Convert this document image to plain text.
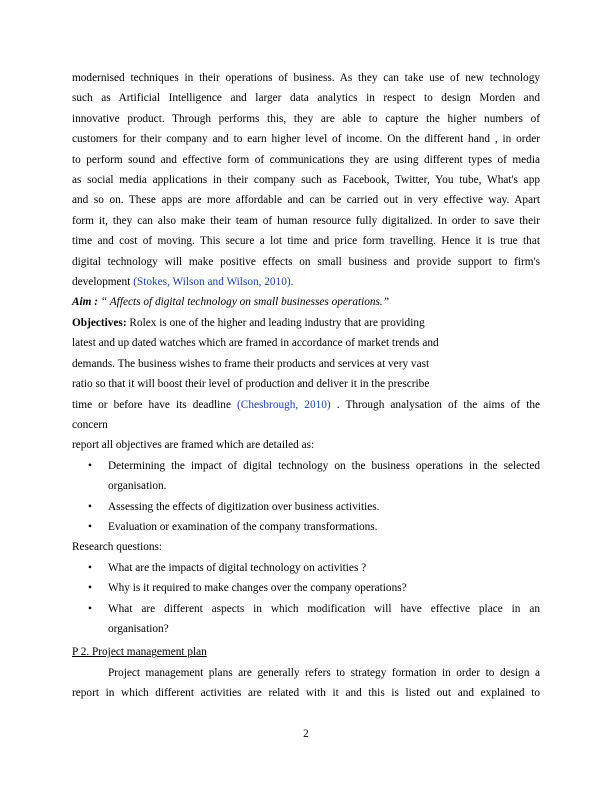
modernised techniques in their operations of business. As they can take use of new technology
such as Artificial Intelligence and larger data analytics in respect to design Morden and
innovative product. Through performs this, they are able to capture the higher numbers of
customers for their company and to earn higher level of income. On the different hand , in order
to perform sound and effective form of communications they are using different types of media
as social media applications in their company such as Facebook, Twitter, You tube, What's app
and so on. These apps are more affordable and can be carried out in very effective way. Apart
form it, they can also make their team of human resource fully digitalized. In order to save their
time and cost of moving. This secure a lot time and price form travelling. Hence it is true that
digital technology will make positive effects on small business and provide support to firm's
development (Stokes, Wilson and Wilson, 2010).
Aim : “ Affects of digital technology on small businesses operations.”
Objectives: Rolex is one of the higher and leading industry that are providing
latest and up dated watches which are framed in accordance of market trends and
demands. The business wishes to frame their products and services at very vast
ratio so that it will boost their level of production and deliver it in the prescribe
time or before have its deadline (Chesbrough, 2010) . Through analysation of the aims of the
concern
report all objectives are framed which are detailed as:
• Determining the impact of digital technology on the business operations in the selected
organisation.
• Assessing the effects of digitization over business activities.
• Evaluation or examination of the company transformations.
Research questions:
• What are the impacts of digital technology on activities ?
• Why is it required to make changes over the company operations?
• What are different aspects in which modification will have effective place in an
organisation?
P 2. Project management plan
Project management plans are generally refers to strategy formation in order to design a
report in which different activities are related with it and this is listed out and explained to
2
